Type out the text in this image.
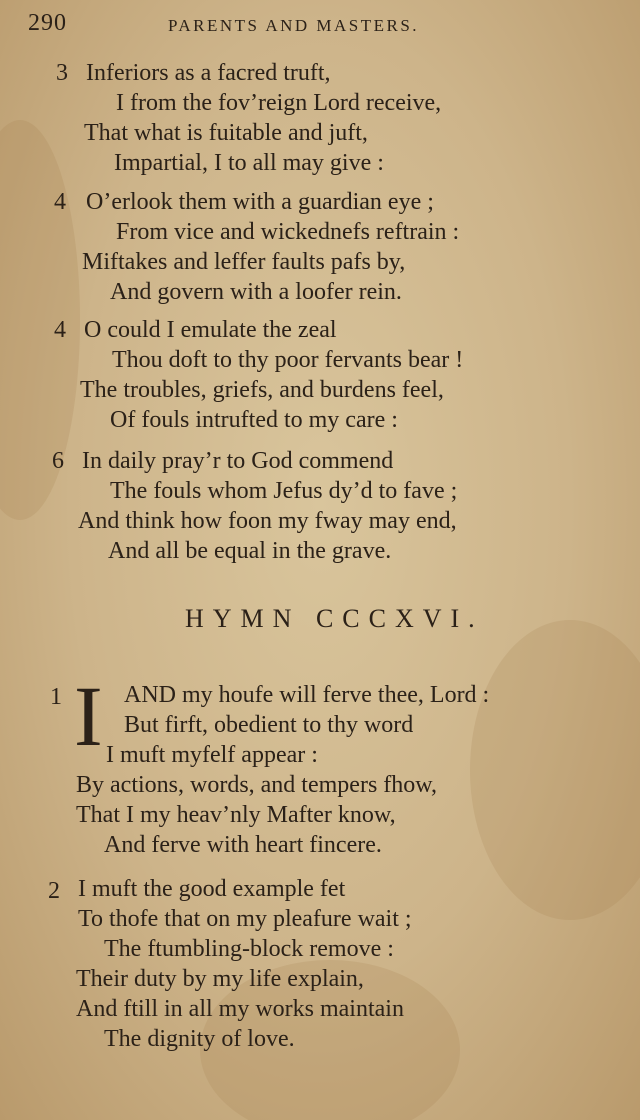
290	PARENTS AND MASTERS.
3 Inferiors as a facred truft,
I from the fov’reign Lord receive,
That what is fuitable and juft,
Impartial, I to all may give :
4 O’erlook them with a guardian eye ;
From vice and wickednefs reftrain :
Miftakes and leffer faults pafs by,
And govern with a loofer rein.
4 O could I emulate the zeal
Thou doft to thy poor fervants bear !
The troubles, griefs, and burdens feel,
Of fouls intrufted to my care :
6 In daily pray’r to God commend
The fouls whom Jefus dy’d to fave ;
And think how foon my fway may end,
And all be equal in the grave.
HYMN CCCXVI.
1 I AND my houfe will ferve thee, Lord :
But firft, obedient to thy word
I muft myfelf appear :
By actions, words, and tempers fhow,
That I my heav’nly Mafter know,
And ferve with heart fincere.
2 I muft the good example fet
To thofe that on my pleafure wait ;
The ftumbling-block remove :
Their duty by my life explain,
And ftill in all my works maintain
The dignity of love.
